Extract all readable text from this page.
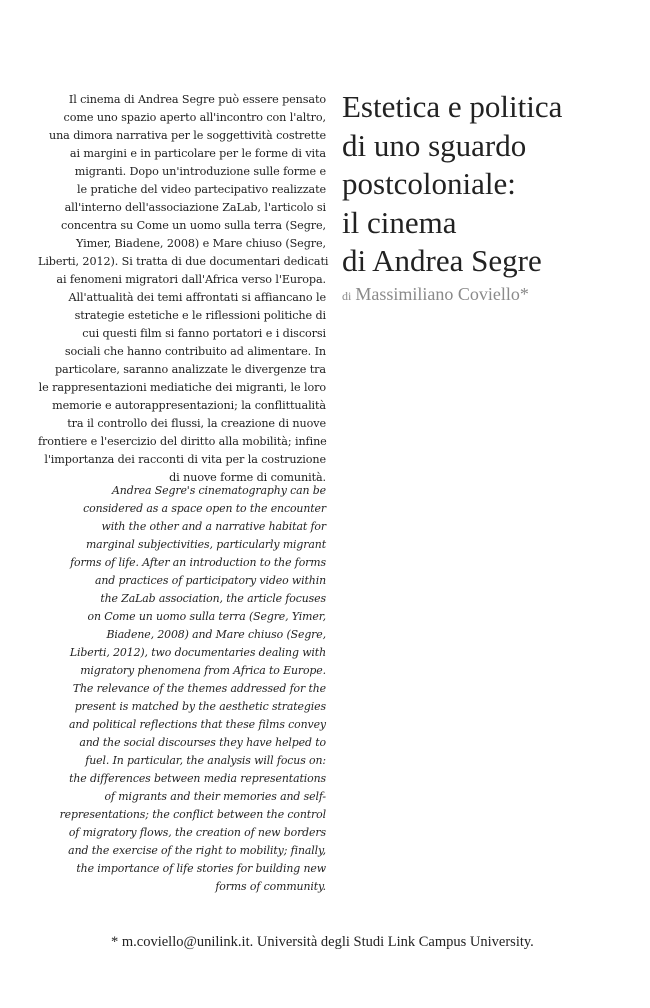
Il cinema di Andrea Segre può essere pensato
come uno spazio aperto all'incontro con l'altro,
una dimora narrativa per le soggettività costrette
ai margini e in particolare per le forme di vita
migranti. Dopo un'introduzione sulle forme e
le pratiche del video partecipativo realizzate
all'interno dell'associazione ZaLab, l'articolo si
concentra su Come un uomo sulla terra (Segre,
Yimer, Biadene, 2008) e Mare chiuso (Segre,
Liberti, 2012). Si tratta di due documentari dedicati
ai fenomeni migratori dall'Africa verso l'Europa.
All'attualità dei temi affrontati si affiancano le
strategie estetiche e le riflessioni politiche di
cui questi film si fanno portatori e i discorsi
sociali che hanno contribuito ad alimentare. In
particolare, saranno analizzate le divergenze tra
le rappresentazioni mediatiche dei migranti, le loro
memorie e autorappresentazioni; la conflittualità
tra il controllo dei flussi, la creazione di nuove
frontiere e l'esercizio del diritto alla mobilità; infine
l'importanza dei racconti di vita per la costruzione
di nuove forme di comunità.
Andrea Segre's cinematography can be
considered as a space open to the encounter
with the other and a narrative habitat for
marginal subjectivities, particularly migrant
forms of life. After an introduction to the forms
and practices of participatory video within
the ZaLab association, the article focuses
on Come un uomo sulla terra (Segre, Yimer,
Biadene, 2008) and Mare chiuso (Segre,
Liberti, 2012), two documentaries dealing with
migratory phenomena from Africa to Europe.
The relevance of the themes addressed for the
present is matched by the aesthetic strategies
and political reflections that these films convey
and the social discourses they have helped to
fuel. In particular, the analysis will focus on:
the differences between media representations
of migrants and their memories and self-
representations; the conflict between the control
of migratory flows, the creation of new borders
and the exercise of the right to mobility; finally,
the importance of life stories for building new
forms of community.
Estetica e politica
di uno sguardo
postcoloniale:
il cinema
di Andrea Segre
di Massimiliano Coviello*
* m.coviello@unilink.it. Università degli Studi Link Campus University.
